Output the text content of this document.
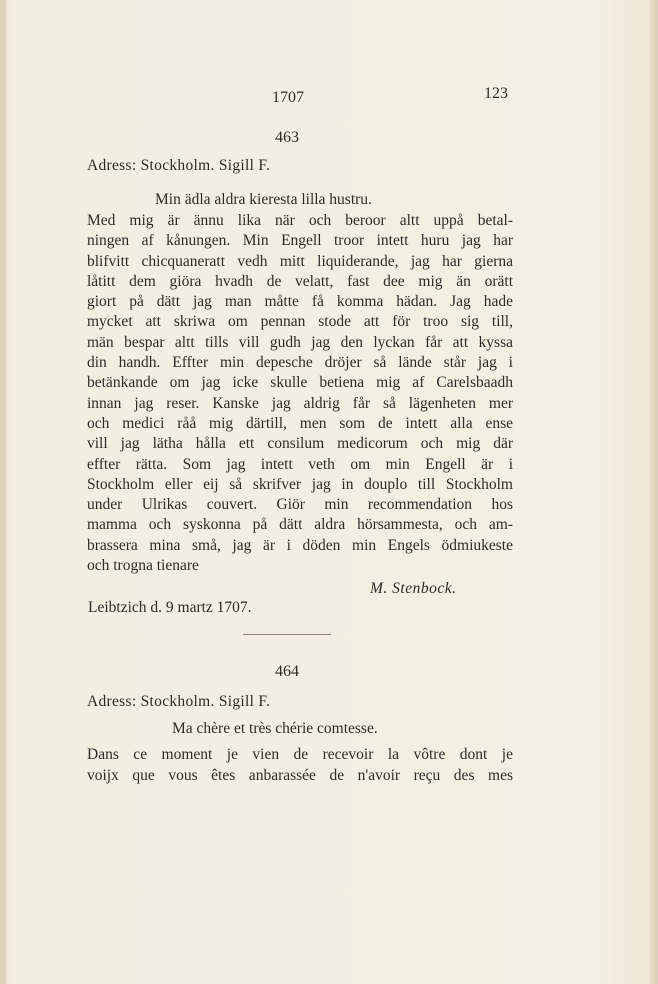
1707	123
463
Adress: Stockholm. Sigill F.
Min ädla aldra kieresta lilla hustru.
Med mig är ännu lika när och beroor altt uppå betal-
ningen af kånungen. Min Engell troor intett huru jag har
blifvitt chicquaneratt vedh mitt liquiderande, jag har gierna
låtitt dem giöra hvadh de velatt, fast dee mig än orätt
giort på dätt jag man måtte få komma hädan. Jag hade
mycket att skriwa om pennan stode att för troo sig till,
män bespar altt tills vill gudh jag den lyckan får att kyssa
din handh. Effter min depesche dröjer så lände står jag i
betänkande om jag icke skulle betiena mig af Carelsbaadh
innan jag reser. Kanske jag aldrig får så lägenheten mer
och medici råå mig därtill, men som de intett alla ense
vill jag lätha hålla ett consilum medicorum och mig där
effter rätta. Som jag intett veth om min Engell är i
Stockholm eller eij så skrifver jag in douplo till Stockholm
under Ulrikas couvert. Giör min recommendation hos
mamma och syskonna på dätt aldra hörsammesta, och am-
brassera mina små, jag är i döden min Engels ödmiukeste
och trogna tienare
M. Stenbock.
Leibtzich d. 9 martz 1707.
464
Adress: Stockholm. Sigill F.
Ma chère et très chérie comtesse.
Dans ce moment je vien de recevoir la vôtre dont je
voijx que vous êtes anbarassée de n'avoir reçu des mes
